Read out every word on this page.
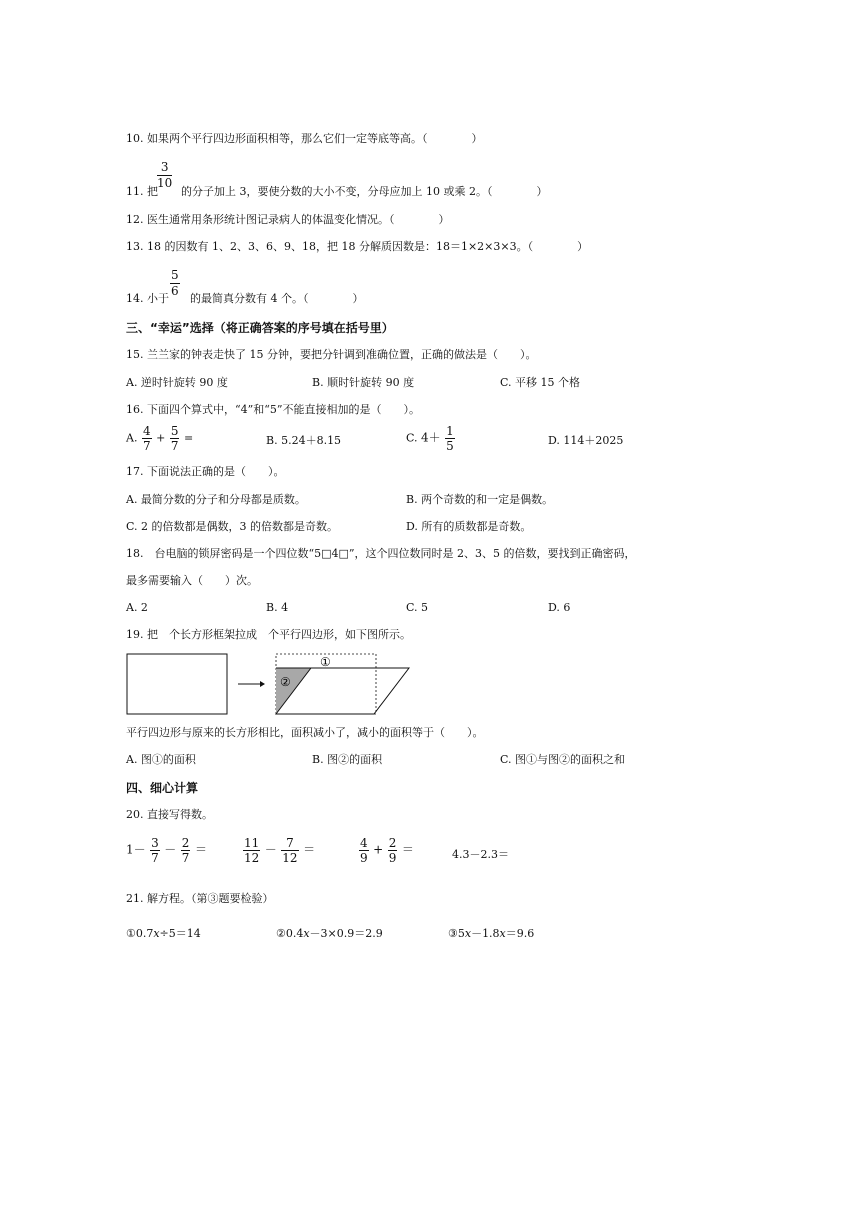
10. 如果两个平行四边形面积相等，那么它们一定等底等高。（　　　　）
11. 把 的分子加上 3，要使分数的大小不变，分母应加上 10 或乘 2。（　　　　）
$\frac{3}{10}$
12. 医生通常用条形统计图记录病人的体温变化情况。（　　　　）
13. 18 的因数有 1、2、3、6、9、18，把 18 分解质因数是：18＝1×2×3×3。（　　　　）
14. 小于 的最简真分数有 4 个。（　　　　）
$\frac{5}{6}$
三、“幸运”选择（将正确答案的序号填在括号里）
15. 兰兰家的钟表走快了 15 分钟，要把分针调到准确位置，正确的做法是（　　）。
A. 逆时针旋转 90 度	B. 顺时针旋转 90 度	C. 平移 15 个格
16. 下面四个算式中，“4”和“5”不能直接相加的是（　　）。
A. $\frac{4}{7} + \frac{5}{7}$ =	B. 5.24＋8.15	C. $4+ \frac{1}{5}$	D. 114＋2025
17. 下面说法正确的是（　　）。
A. 最简分数的分子和分母都是质数。	B. 两个奇数的和一定是偶数。
C. 2 的倍数都是偶数，3 的倍数都是奇数。	D. 所有的质数都是奇数。
18.　台电脑的锁屏密码是一个四位数“5□4□”，这个四位数同时是 2、3、5 的倍数，要找到正确密码，
最多需要输入（　　）次。
A. 2	B. 4	C. 5	D. 6
19. 把　个长方形框架拉成　个平行四边形，如下图所示。
①
②
平行四边形与原来的长方形相比，面积减小了，减小的面积等于（　　）。
A. 图①的面积	B. 图②的面积	C. 图①与图②的面积之和
四、细心计算
20. 直接写得数。
$1- \frac{3}{7} - \frac{2}{7}$ ＝	$\frac{11}{12} - \frac{7}{12}$ ＝	$\frac{4}{9} + \frac{2}{9}$ ＝	4.3－2.3＝
21. 解方程。（第③题要检验）
①0.7𝑥÷5＝14	②0.4𝑥－3×0.9＝2.9	③5𝑥－1.8𝑥＝9.6
